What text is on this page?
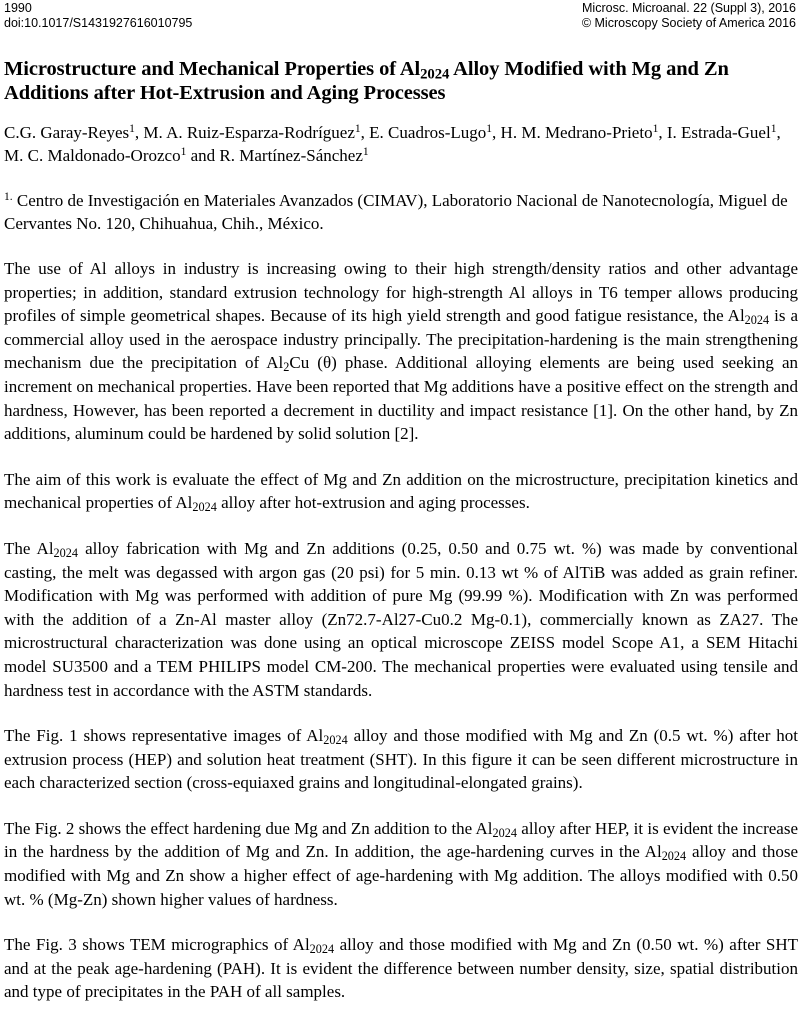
1990
doi:10.1017/S1431927616010795
Microsc. Microanal. 22 (Suppl 3), 2016
© Microscopy Society of America 2016
Microstructure and Mechanical Properties of $Al_{2024}$ Alloy Modified with Mg and Zn Additions after Hot-Extrusion and Aging Processes
C.G. Garay-Reyes$^1$, M. A. Ruiz-Esparza-Rodríguez$^1$, E. Cuadros-Lugo$^1$, H. M. Medrano-Prieto$^1$, I. Estrada-Guel$^1$, M. C. Maldonado-Orozco$^1$ and R. Martínez-Sánchez$^1$
$^{1.}$ Centro de Investigación en Materiales Avanzados (CIMAV), Laboratorio Nacional de Nanotecnología, Miguel de Cervantes No. 120, Chihuahua, Chih., México.

The use of Al alloys in industry is increasing owing to their high strength/density ratios and other advantage properties; in addition, standard extrusion technology for high-strength Al alloys in T6 temper allows producing profiles of simple geometrical shapes. Because of its high yield strength and good fatigue resistance, the $Al_{2024}$ is a commercial alloy used in the aerospace industry principally. The precipitation-hardening is the main strengthening mechanism due the precipitation of $Al_2Cu$ (θ) phase. Additional alloying elements are being used seeking an increment on mechanical properties. Have been reported that Mg additions have a positive effect on the strength and hardness, However, has been reported a decrement in ductility and impact resistance [1]. On the other hand, by Zn additions, aluminum could be hardened by solid solution [2].

The aim of this work is evaluate the effect of Mg and Zn addition on the microstructure, precipitation kinetics and mechanical properties of $Al_{2024}$ alloy after hot-extrusion and aging processes.

The $Al_{2024}$ alloy fabrication with Mg and Zn additions (0.25, 0.50 and 0.75 wt. %) was made by conventional casting, the melt was degassed with argon gas (20 psi) for 5 min. 0.13 wt % of AlTiB was added as grain refiner. Modification with Mg was performed with addition of pure Mg (99.99 %). Modification with Zn was performed with the addition of a Zn-Al master alloy (Zn72.7-Al27-Cu0.2 Mg-0.1), commercially known as ZA27. The microstructural characterization was done using an optical microscope ZEISS model Scope A1, a SEM Hitachi model SU3500 and a TEM PHILIPS model CM-200. The mechanical properties were evaluated using tensile and hardness test in accordance with the ASTM standards.

The Fig. 1 shows representative images of $Al_{2024}$ alloy and those modified with Mg and Zn (0.5 wt. %) after hot extrusion process (HEP) and solution heat treatment (SHT). In this figure it can be seen different microstructure in each characterized section (cross-equiaxed grains and longitudinal-elongated grains).

The Fig. 2 shows the effect hardening due Mg and Zn addition to the $Al_{2024}$ alloy after HEP, it is evident the increase in the hardness by the addition of Mg and Zn. In addition, the age-hardening curves in the $Al_{2024}$ alloy and those modified with Mg and Zn show a higher effect of age-hardening with Mg addition. The alloys modified with 0.50 wt. % (Mg-Zn) shown higher values of hardness.

The Fig. 3 shows TEM micrographics of $Al_{2024}$ alloy and those modified with Mg and Zn (0.50 wt. %) after SHT and at the peak age-hardening (PAH). It is evident the difference between number density, size, spatial distribution and type of precipitates in the PAH of all samples.
